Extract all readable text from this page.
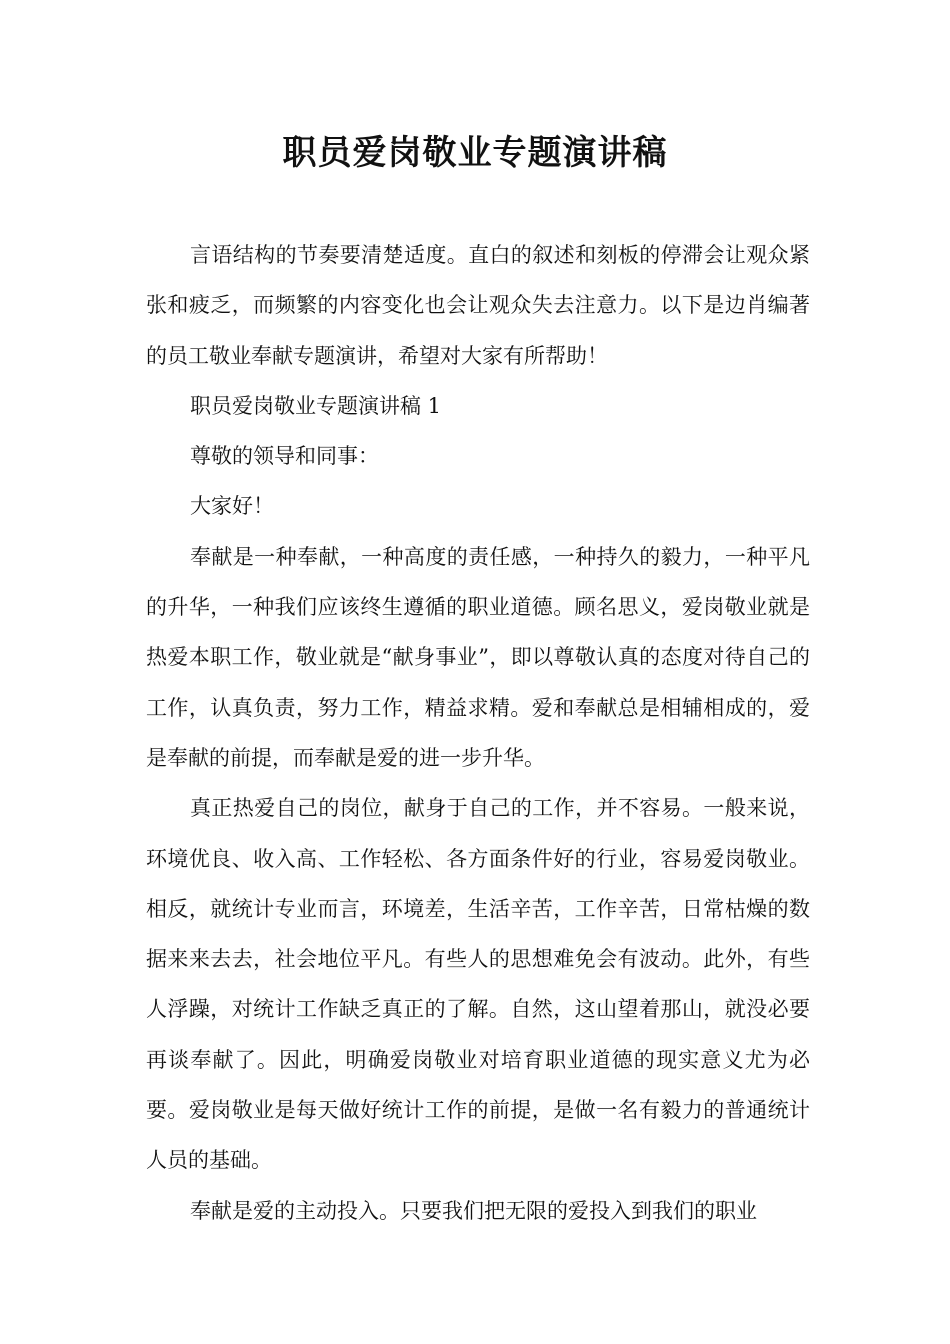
职员爱岗敬业专题演讲稿

言语结构的节奏要清楚适度。直白的叙述和刻板的停滞会让观众紧张和疲乏，而频繁的内容变化也会让观众失去注意力。以下是边肖编著的员工敬业奉献专题演讲，希望对大家有所帮助！

职员爱岗敬业专题演讲稿 1

尊敬的领导和同事：

大家好！

奉献是一种奉献，一种高度的责任感，一种持久的毅力，一种平凡的升华，一种我们应该终生遵循的职业道德。顾名思义，爱岗敬业就是热爱本职工作，敬业就是“献身事业”，即以尊敬认真的态度对待自己的工作，认真负责，努力工作，精益求精。爱和奉献总是相辅相成的，爱是奉献的前提，而奉献是爱的进一步升华。

真正热爱自己的岗位，献身于自己的工作，并不容易。一般来说，环境优良、收入高、工作轻松、各方面条件好的行业，容易爱岗敬业。相反，就统计专业而言，环境差，生活辛苦，工作辛苦，日常枯燥的数据来来去去，社会地位平凡。有些人的思想难免会有波动。此外，有些人浮躁，对统计工作缺乏真正的了解。自然，这山望着那山，就没必要再谈奉献了。因此，明确爱岗敬业对培育职业道德的现实意义尤为必要。爱岗敬业是每天做好统计工作的前提，是做一名有毅力的普通统计人员的基础。

奉献是爱的主动投入。只要我们把无限的爱投入到我们的职业
